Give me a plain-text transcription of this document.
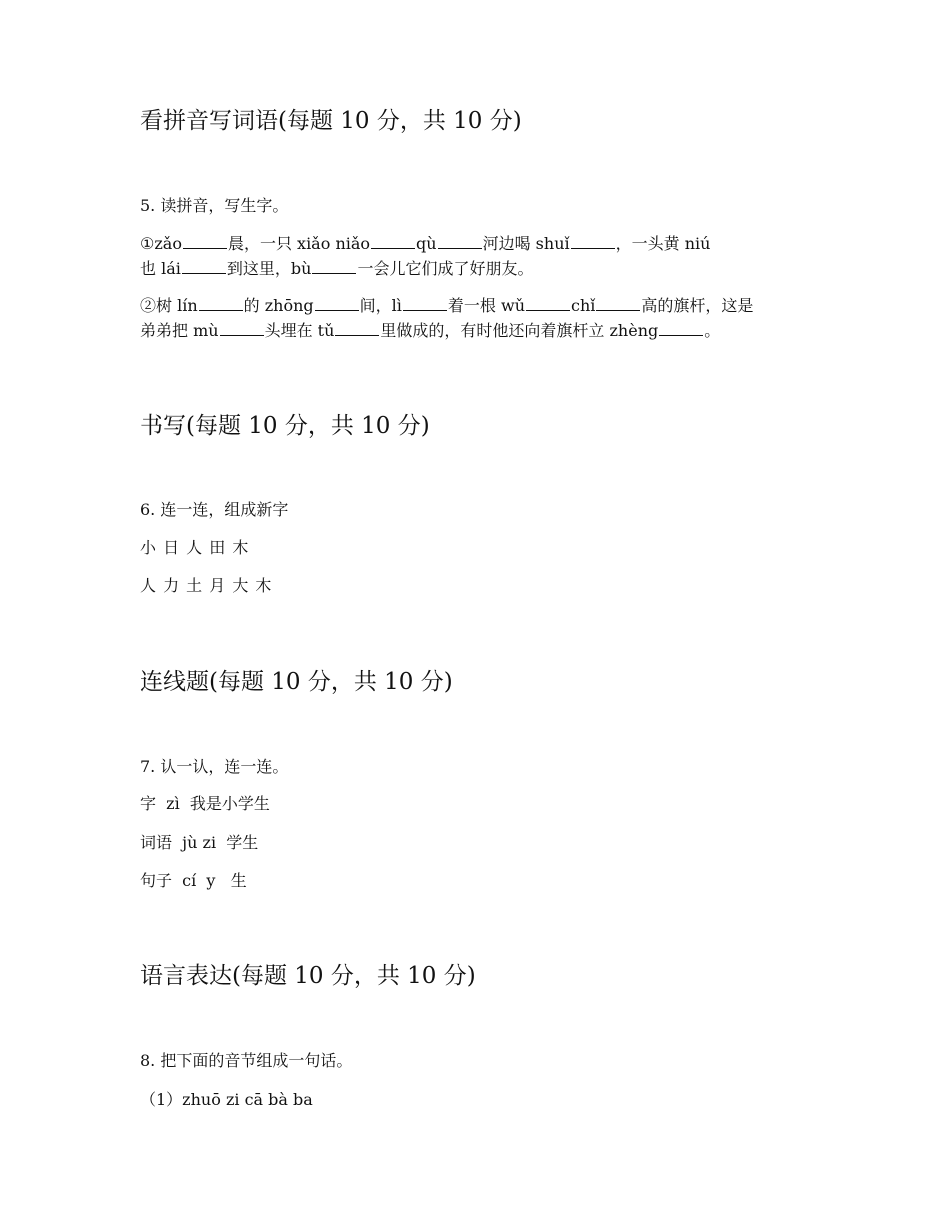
看拼音写词语(每题 10 分，共 10 分)
5. 读拼音，写生字。
①zǎo	晨，一只 xiǎo niǎo	qù	河边喝 shuǐ	，一头黄 niú
也 lái	到这里，bù	一会儿它们成了好朋友。
②树 lín	的 zhōng	间，lì	着一根 wǔ	chǐ	高的旗杆，这是
弟弟把 mù	头埋在 tǔ	里做成的，有时他还向着旗杆立 zhèng	。
书写(每题 10 分，共 10 分)
6. 连一连，组成新字
小 日 人 田 木
人 力 土 月 大 木
连线题(每题 10 分，共 10 分)
7. 认一认，连一连。
字  zì  我是小学生
词语  jù zi  学生
句子  cí  y   生
语言表达(每题 10 分，共 10 分)
8. 把下面的音节组成一句话。
（1）zhuō zi cā bà ba
